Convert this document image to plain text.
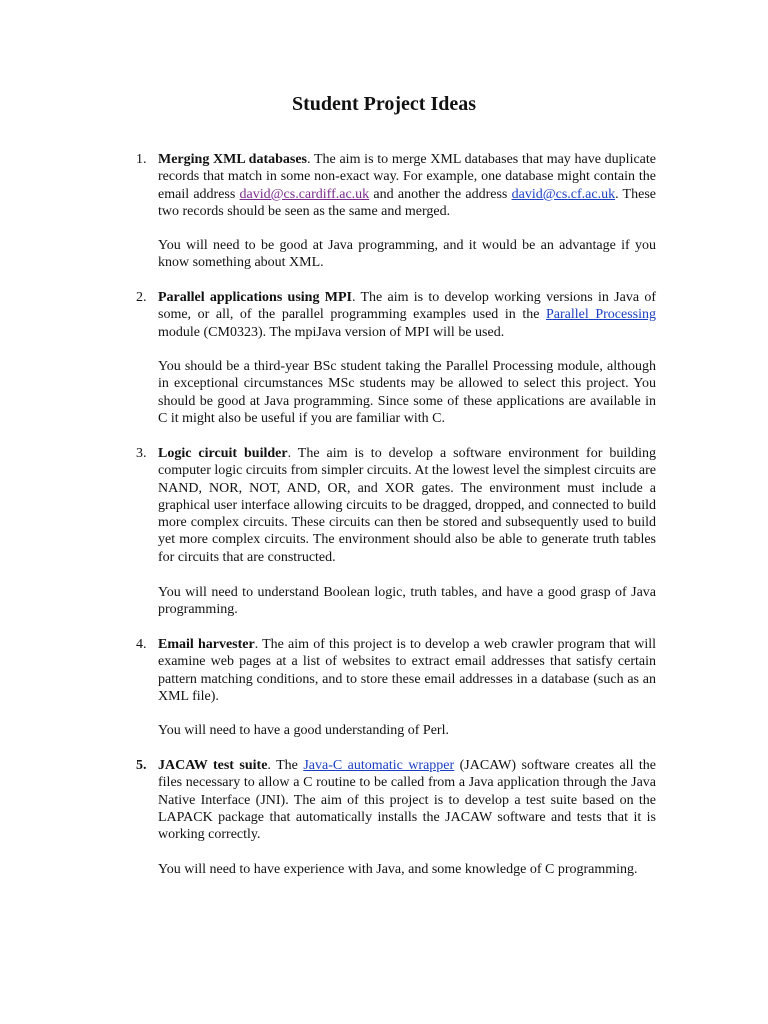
Student Project Ideas
1. Merging XML databases. The aim is to merge XML databases that may have duplicate records that match in some non-exact way. For example, one database might contain the email address david@cs.cardiff.ac.uk and another the address david@cs.cf.ac.uk. These two records should be seen as the same and merged.

You will need to be good at Java programming, and it would be an advantage if you know something about XML.

2. Parallel applications using MPI. The aim is to develop working versions in Java of some, or all, of the parallel programming examples used in the Parallel Processing module (CM0323). The mpiJava version of MPI will be used.

You should be a third-year BSc student taking the Parallel Processing module, although in exceptional circumstances MSc students may be allowed to select this project. You should be good at Java programming. Since some of these applications are available in C it might also be useful if you are familiar with C.

3. Logic circuit builder. The aim is to develop a software environment for building computer logic circuits from simpler circuits. At the lowest level the simplest circuits are NAND, NOR, NOT, AND, OR, and XOR gates. The environment must include a graphical user interface allowing circuits to be dragged, dropped, and connected to build more complex circuits. These circuits can then be stored and subsequently used to build yet more complex circuits. The environment should also be able to generate truth tables for circuits that are constructed.

You will need to understand Boolean logic, truth tables, and have a good grasp of Java programming.

4. Email harvester. The aim of this project is to develop a web crawler program that will examine web pages at a list of websites to extract email addresses that satisfy certain pattern matching conditions, and to store these email addresses in a database (such as an XML file).

You will need to have a good understanding of Perl.

5. JACAW test suite. The Java-C automatic wrapper (JACAW) software creates all the files necessary to allow a C routine to be called from a Java application through the Java Native Interface (JNI). The aim of this project is to develop a test suite based on the LAPACK package that automatically installs the JACAW software and tests that it is working correctly.

You will need to have experience with Java, and some knowledge of C programming.
